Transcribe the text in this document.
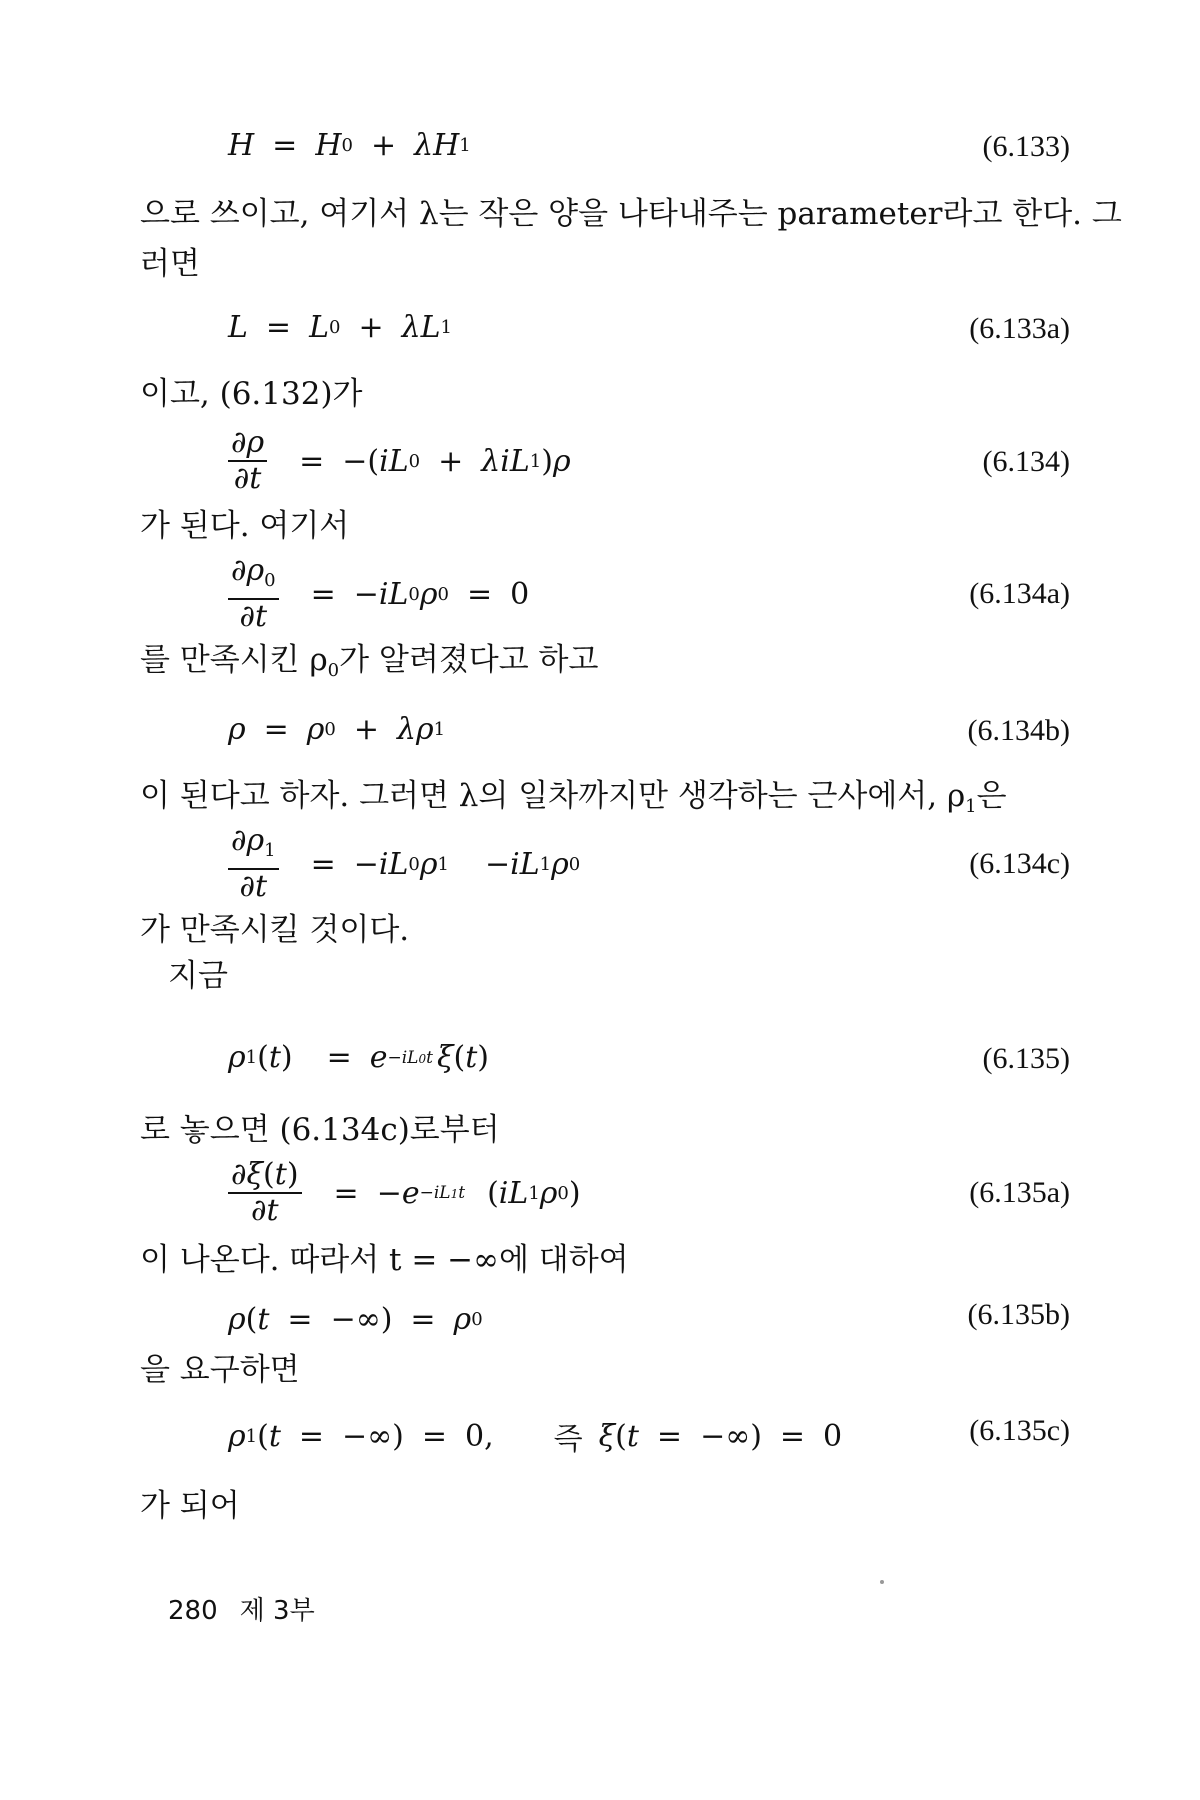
H = H 0 + λH 1	(6.133)
으로 쓰이고, 여기서 λ는 작은 양을 나타내주는 parameter라고 한다. 그
러면
L = L 0 + λL 1	(6.133a)
이고, (6.132)가
$\frac{\partial\rho}{\partial t}$ = −( iL 0 + λiL 1 ) ρ	(6.134)
가 된다. 여기서
$\frac{\partial\rho_0}{\partial t}$ = − iL 0 ρ 0 = 0	(6.134a)
를 만족시킨 $\rho_0$가 알려졌다고 하고
ρ = ρ 0 + λρ 1	(6.134b)
이 된다고 하자. 그러면 λ의 일차까지만 생각하는 근사에서, $\rho_1$은
$\frac{\partial\rho_1}{\partial t}$ = − iL 0 ρ 1 − iL 1 ρ 0	(6.134c)
가 만족시킬 것이다.
지금
ρ 1 ( t ) = e −iL0t ξ ( t )	(6.135)
로 놓으면 (6.134c)로부터
$\frac{\partial\xi(t)}{\partial t}$ = − e −iL1t ( iL 1 ρ 0 )	(6.135a)
이 나온다. 따라서 t = −∞에 대하여
ρ ( t = −∞) = ρ 0	(6.135b)
을 요구하면
ρ 1 ( t = −∞) = 0, 즉 ξ ( t = −∞) = 0	(6.135c)
가 되어
280 제 3부
